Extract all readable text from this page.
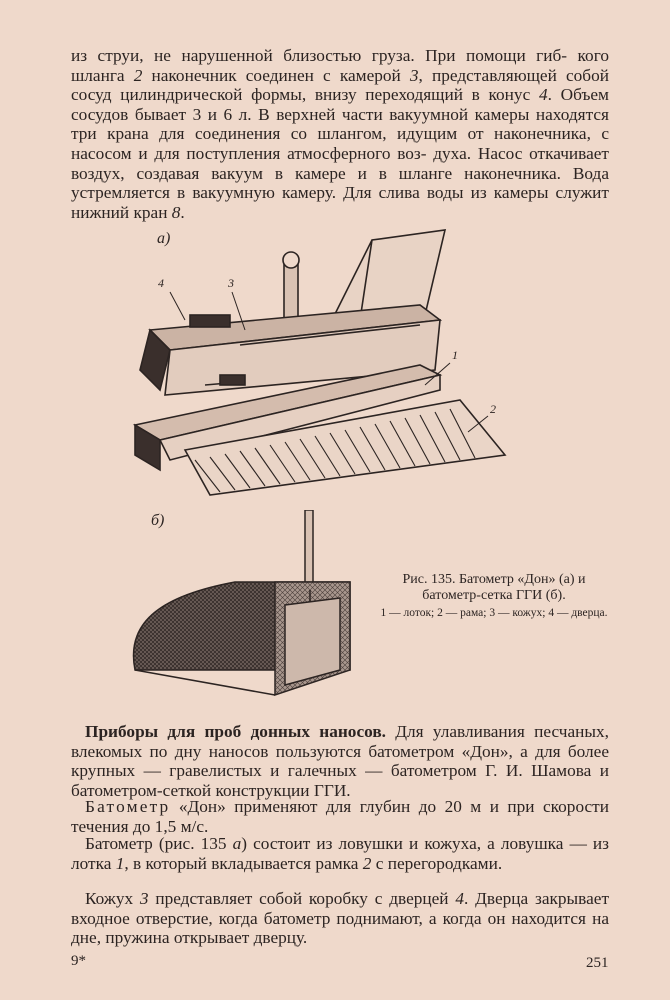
из струи, не нарушенной близостью груза. При помощи гиб- кого шланга 2 наконечник соединен с камерой 3, представляющей собой сосуд цилиндрической формы, внизу переходящий в конус 4. Объем сосудов бывает 3 и 6 л. В верхней части вакуумной камеры находятся три крана для соединения со шлангом, идущим от наконечника, с насосом и для поступления атмосферного воз- духа. Насос откачивает воздух, создавая вакуум в камере и в шланге наконечника. Вода устремляется в вакуумную камеру. Для слива воды из камеры служит нижний кран 8.

а)
4	3
1
2
б)
Рис. 135. Батометр «Дон» (а) и батометр-сетка ГГИ (б).
1 — лоток; 2 — рама; 3 — кожух; 4 — дверца.

Приборы для проб донных наносов. Для улавливания песчаных, влекомых по дну наносов пользуются батометром «Дон», а для более крупных — гравелистых и галечных — батометром Г. И. Шамова и батометром-сеткой конструкции ГГИ.

Батометр «Дон» применяют для глубин до 20 м и при скорости течения до 1,5 м/с.

Батометр (рис. 135 а) состоит из ловушки и кожуха, а ловушка — из лотка 1, в который вкладывается рамка 2 с перегородками.

Кожух 3 представляет собой коробку с дверцей 4. Дверца закрывает входное отверстие, когда батометр поднимают, а когда он находится на дне, пружина открывает дверцу.

9*	251
